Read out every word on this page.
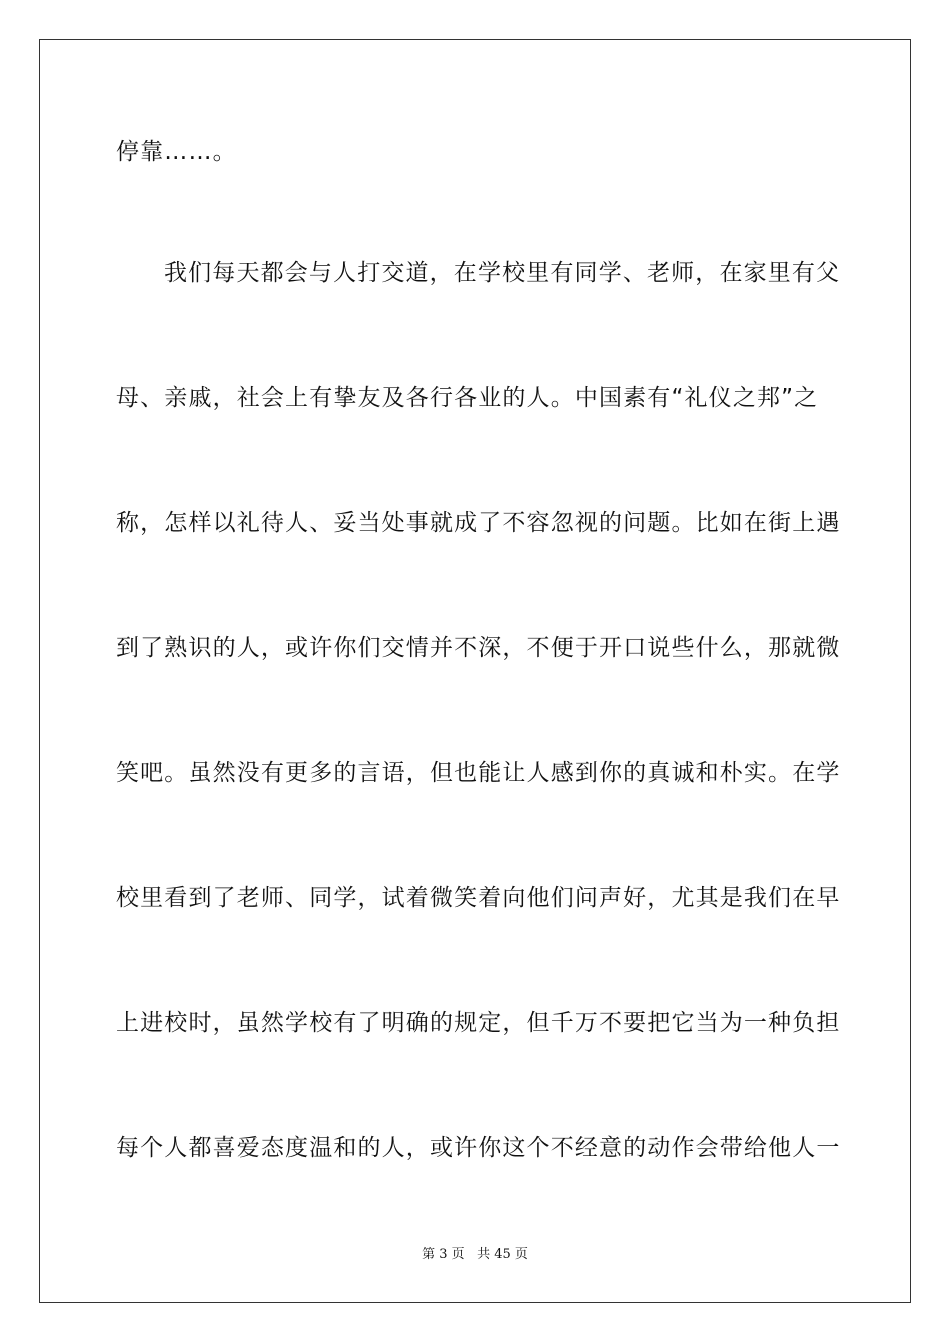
停靠……。
我们每天都会与人打交道，在学校里有同学、老师，在家里有父
母、亲戚，社会上有挚友及各行各业的人。中国素有“礼仪之邦”之
称，怎样以礼待人、妥当处事就成了不容忽视的问题。比如在街上遇
到了熟识的人，或许你们交情并不深，不便于开口说些什么，那就微
笑吧。虽然没有更多的言语，但也能让人感到你的真诚和朴实。在学
校里看到了老师、同学，试着微笑着向他们问声好，尤其是我们在早
上进校时，虽然学校有了明确的规定，但千万不要把它当为一种负担
每个人都喜爱态度温和的人，或许你这个不经意的动作会带给他人一
第 3 页 共 45 页
